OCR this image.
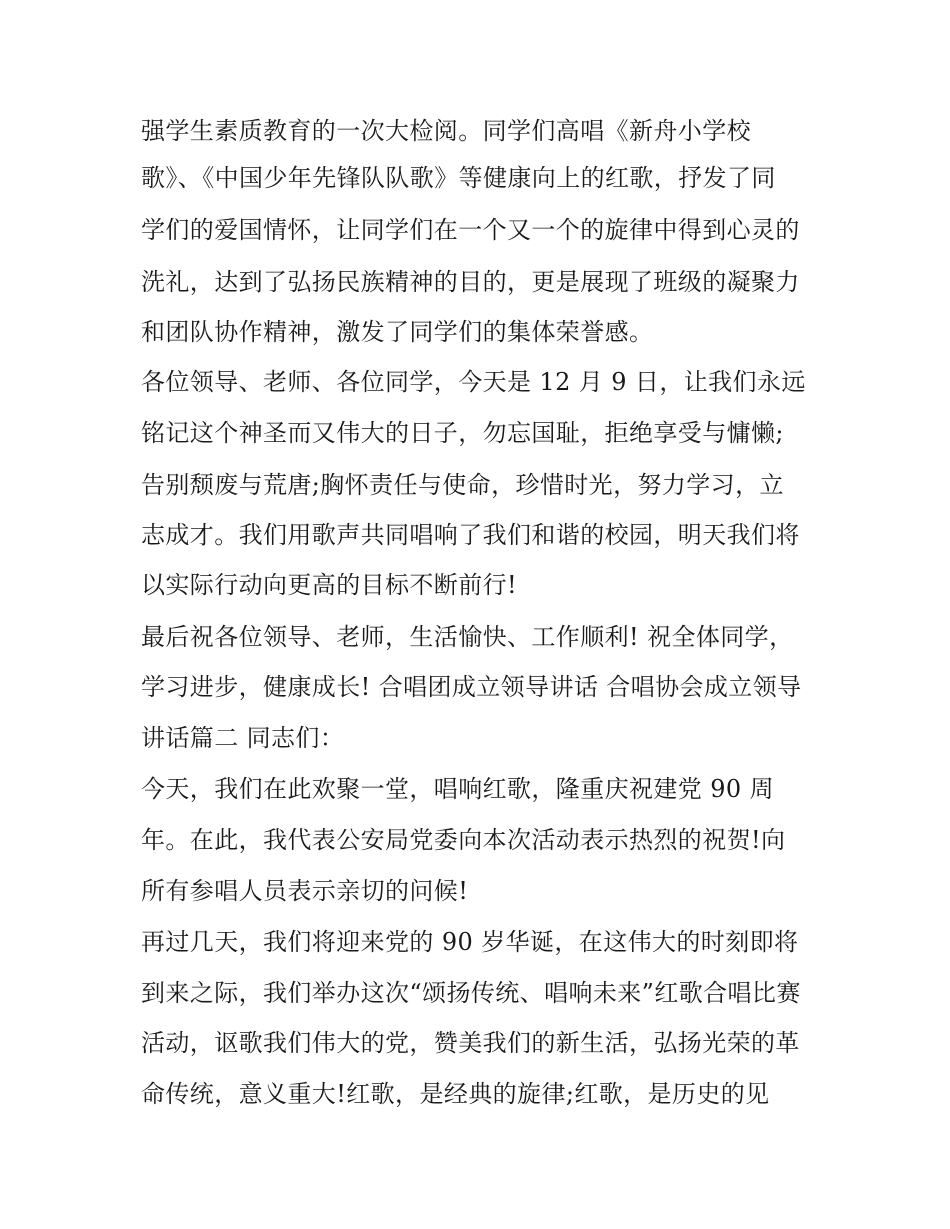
强学生素质教育的一次大检阅。同学们高唱《新舟小学校
歌》、《中国少年先锋队队歌》等健康向上的红歌，抒发了同
学们的爱国情怀，让同学们在一个又一个的旋律中得到心灵的
洗礼，达到了弘扬民族精神的目的，更是展现了班级的凝聚力
和团队协作精神，激发了同学们的集体荣誉感。
各位领导、老师、各位同学，今天是 12 月 9 日，让我们永远
铭记这个神圣而又伟大的日子，勿忘国耻，拒绝享受与慵懒;
告别颓废与荒唐;胸怀责任与使命，珍惜时光，努力学习，立
志成才。我们用歌声共同唱响了我们和谐的校园，明天我们将
以实际行动向更高的目标不断前行!
最后祝各位领导、老师，生活愉快、工作顺利! 祝全体同学，
学习进步，健康成长! 合唱团成立领导讲话 合唱协会成立领导
讲话篇二 同志们：
今天，我们在此欢聚一堂，唱响红歌，隆重庆祝建党 90 周
年。在此，我代表公安局党委向本次活动表示热烈的祝贺!向
所有参唱人员表示亲切的问候!
再过几天，我们将迎来党的 90 岁华诞，在这伟大的时刻即将
到来之际，我们举办这次“颂扬传统、唱响未来”红歌合唱比赛
活动，讴歌我们伟大的党，赞美我们的新生活，弘扬光荣的革
命传统，意义重大!红歌，是经典的旋律;红歌，是历史的见
